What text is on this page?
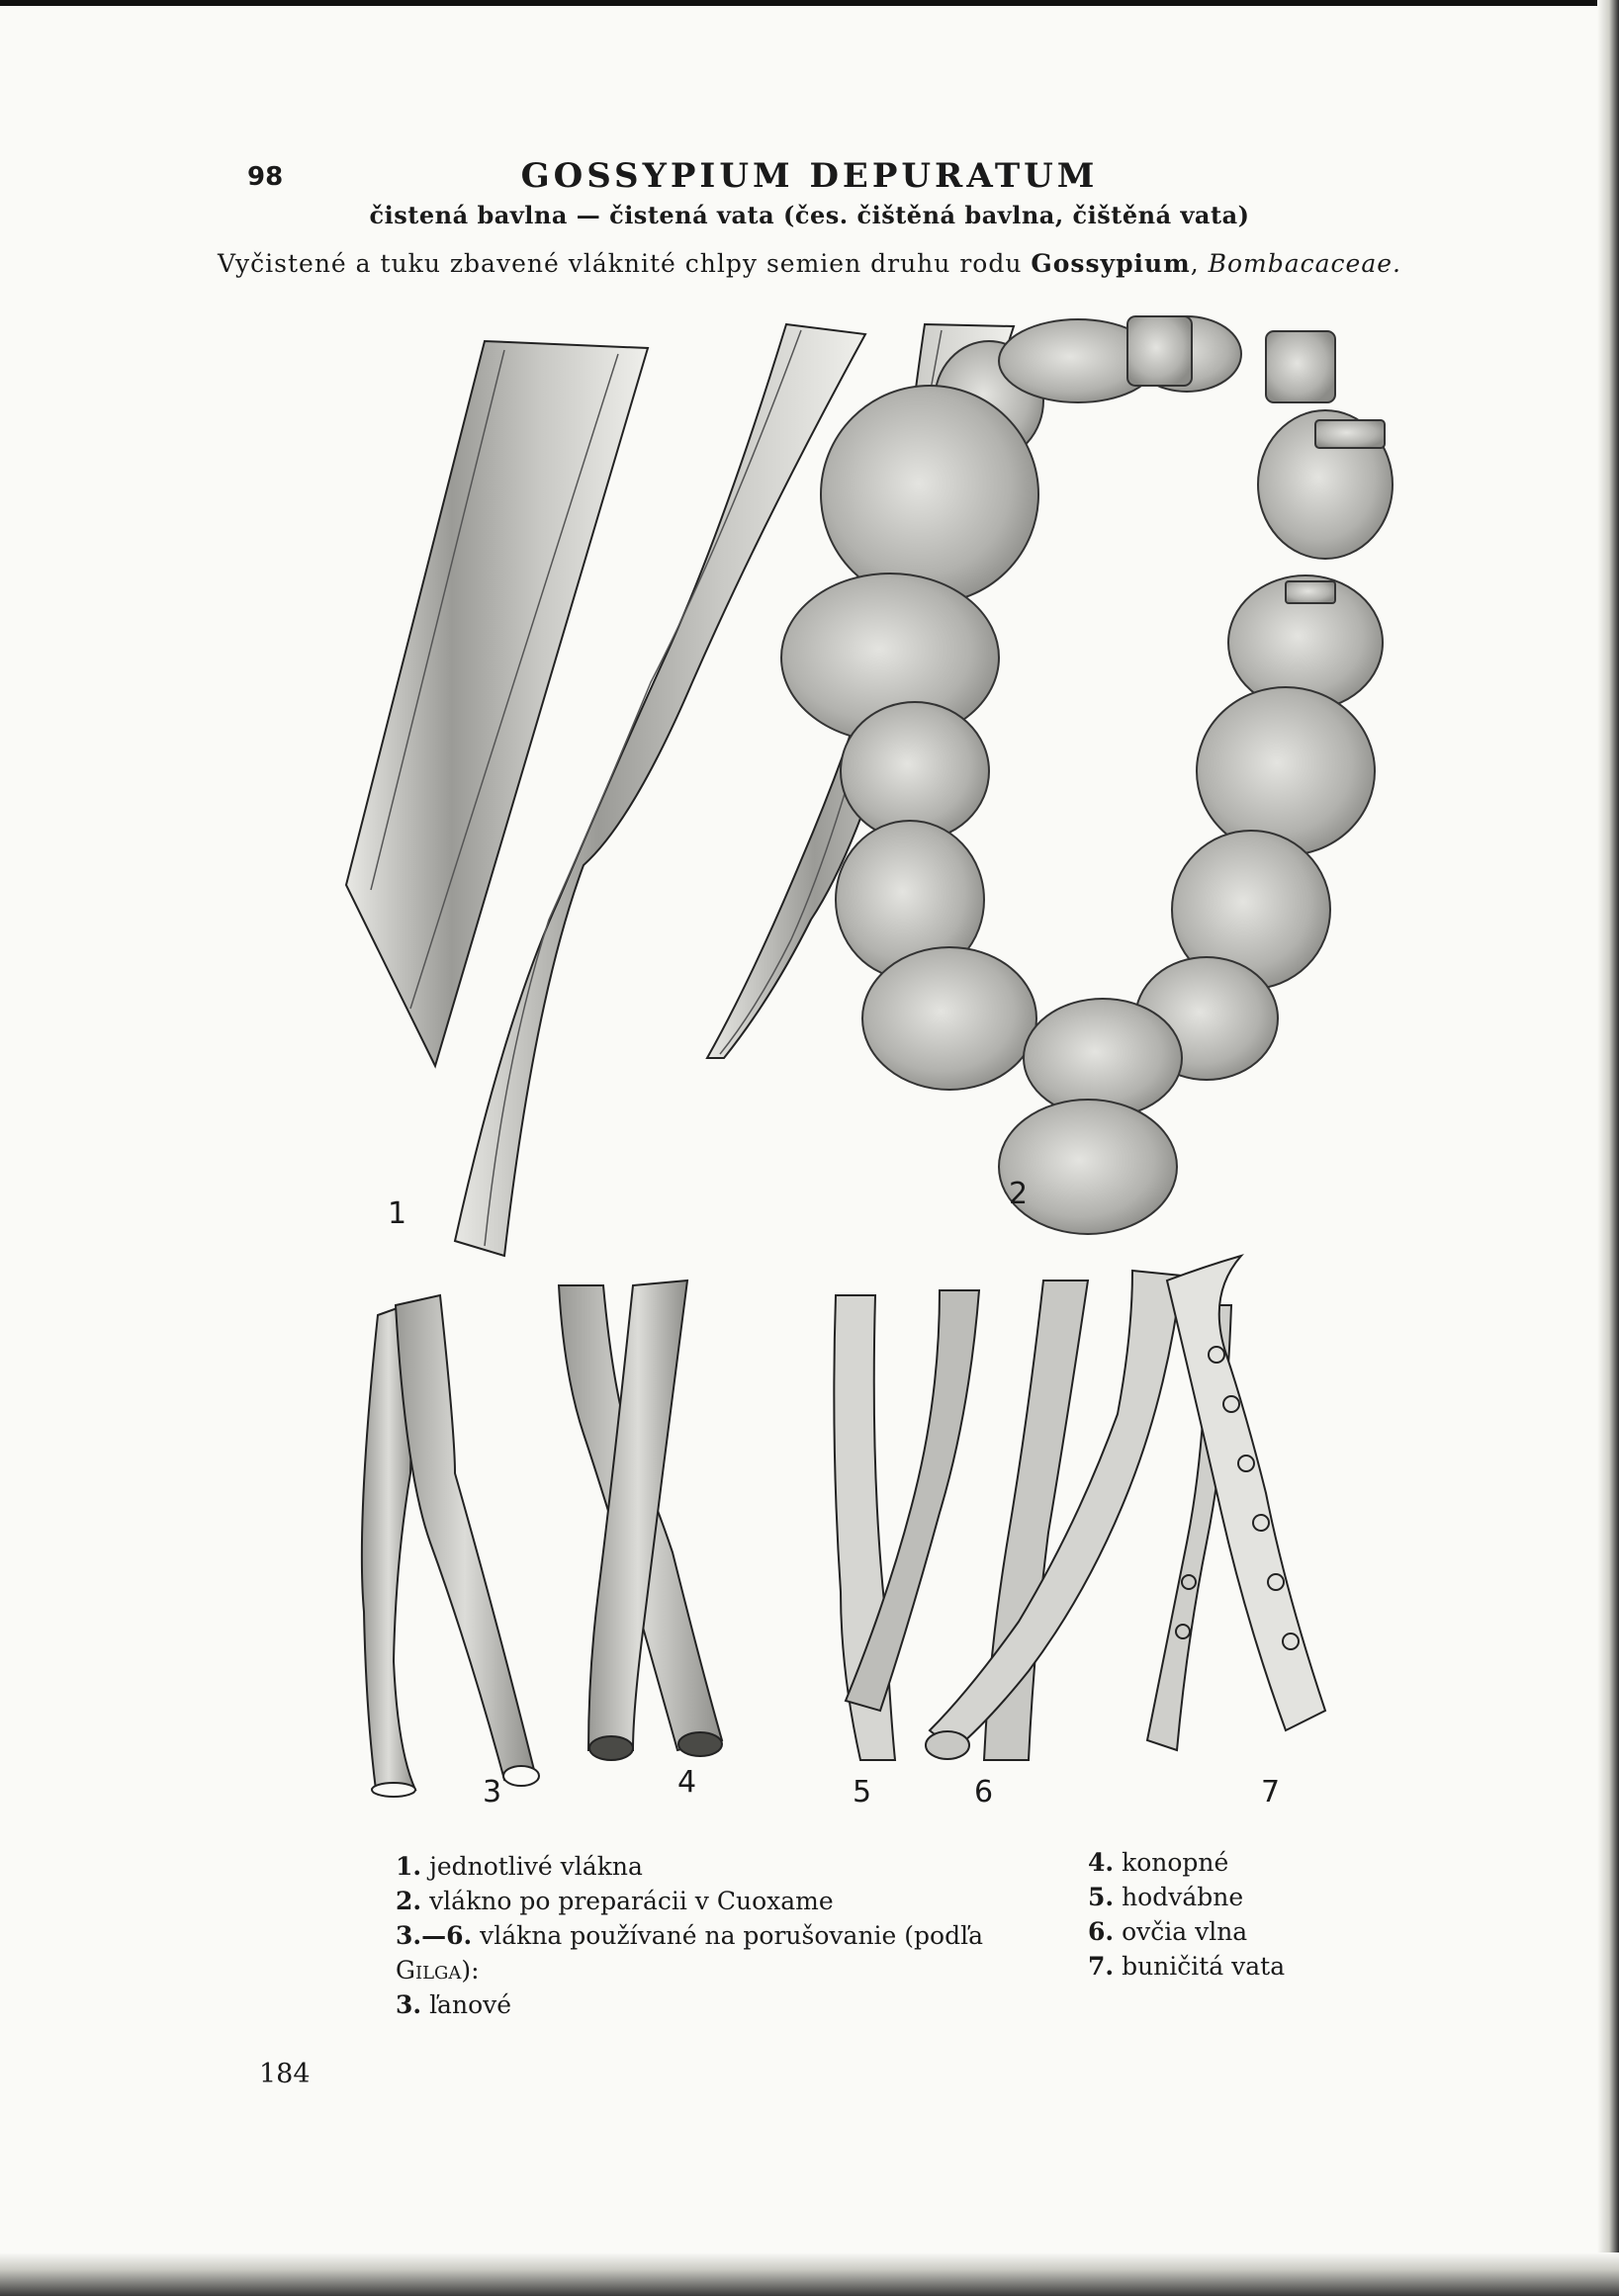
98	GOSSYPIUM DEPURATUM
čistená bavlna — čistená vata (čes. čištěná bavlna, čištěná vata)
Vyčistené a tuku zbavené vláknité chlpy semien druhu rodu Gossypium, Bombacaceae.
1
2
3	4	5	6	7
1. jednotlivé vlákna
2. vlákno po preparácii v Cuoxame
3.—6. vlákna používané na porušovanie (podľa
Gilga):
3. ľanové
4. konopné
5. hodvábne
6. ovčia vlna
7. buničitá vata
184
